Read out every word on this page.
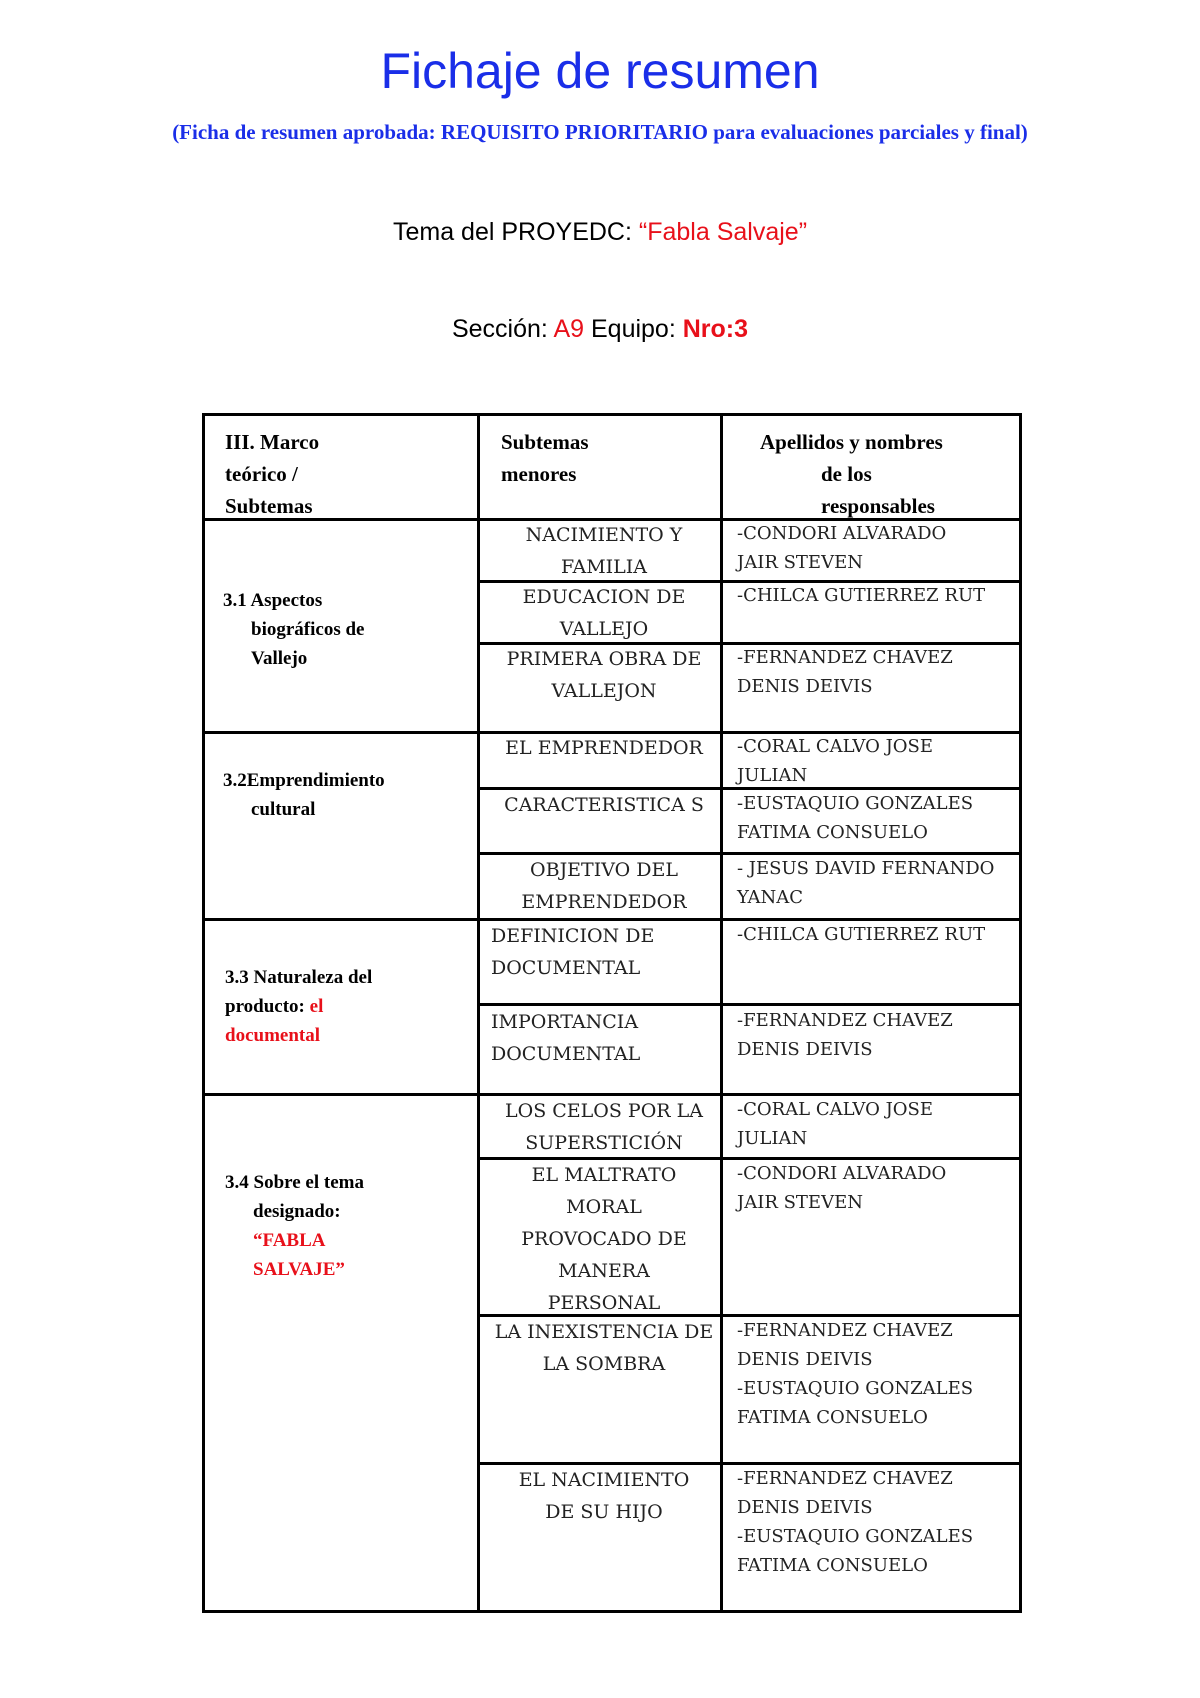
Fichaje de resumen
(Ficha de resumen aprobada: REQUISITO PRIORITARIO para evaluaciones parciales y final)
Tema del PROYEDC: “Fabla Salvaje”
Sección: A9 Equipo: Nro:3
III. Marco
teórico /
Subtemas
Subtemas
menores
Apellidos y nombres
de los
responsables
3.1 Aspectos
biográficos de
Vallejo
3.2Emprendimiento
cultural
3.3 Naturaleza del
producto: el
documental
3.4 Sobre el tema
designado:
“FABLA
SALVAJE”
NACIMIENTO Y FAMILIA
EDUCACION DE VALLEJO
PRIMERA OBRA DE VALLEJON
EL EMPRENDEDOR
CARACTERISTICA S
OBJETIVO DEL EMPRENDEDOR
DEFINICION DE DOCUMENTAL
IMPORTANCIA DOCUMENTAL
LOS CELOS POR LA SUPERSTICIÓN
EL MALTRATO MORAL PROVOCADO DE MANERA PERSONAL
LA INEXISTENCIA DE LA SOMBRA
EL NACIMIENTO DE SU HIJO
-CONDORI ALVARADO
JAIR STEVEN
-CHILCA GUTIERREZ RUT
-FERNANDEZ CHAVEZ
DENIS DEIVIS
-CORAL CALVO JOSE
JULIAN
-EUSTAQUIO GONZALES
FATIMA CONSUELO
- JESUS DAVID FERNANDO
YANAC
-CHILCA GUTIERREZ RUT
-FERNANDEZ CHAVEZ
DENIS DEIVIS
-CORAL CALVO JOSE
JULIAN
-CONDORI ALVARADO
JAIR STEVEN
-FERNANDEZ CHAVEZ
DENIS DEIVIS
-EUSTAQUIO GONZALES
FATIMA CONSUELO
-FERNANDEZ CHAVEZ
DENIS DEIVIS
-EUSTAQUIO GONZALES
FATIMA CONSUELO
